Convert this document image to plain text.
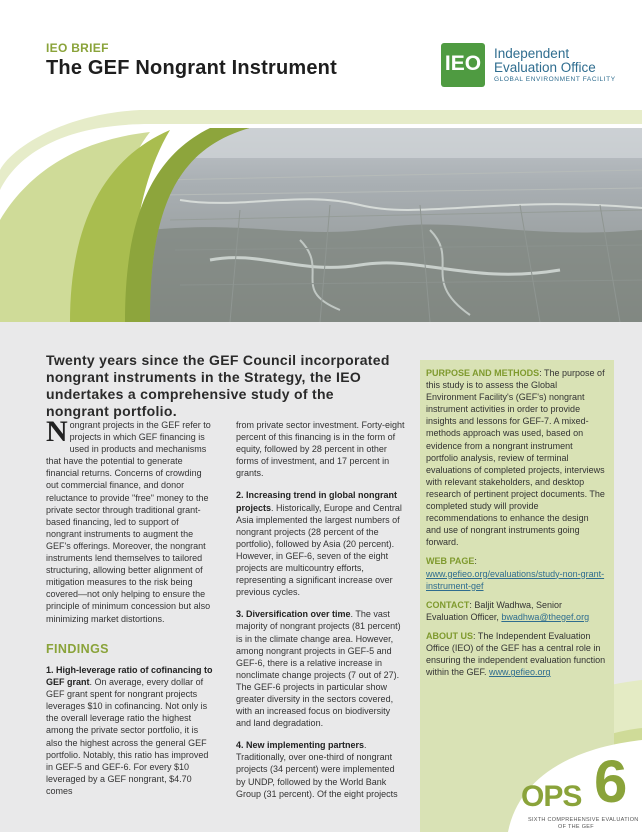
IEO BRIEF
The GEF Nongrant Instrument	IEO Independent
Evaluation Office
GLOBAL ENVIRONMENT FACILITY
Twenty years since the GEF Council incorporated nongrant instruments in the Strategy, the IEO undertakes a comprehensive study of the nongrant portfolio.

Nongrant projects in the GEF refer to projects in which GEF financing is used in products and mechanisms that have the potential to generate financial returns. Concerns of crowding out commercial finance, and donor reluctance to provide "free" money to the private sector through traditional grant-based financing, led to support of nongrant instruments to augment the GEF's offerings. Moreover, the nongrant instruments lend themselves to tailored structuring, allowing better alignment of mitigation measures to the risk being covered—not only helping to ensure the principle of minimum concession but also minimizing market distortions.

FINDINGS

1. High-leverage ratio of cofinancing to GEF grant. On average, every dollar of GEF grant spent for nongrant projects leverages $10 in cofinancing. Not only is the overall leverage ratio the highest among the private sector portfolio, it is also the highest across the general GEF portfolio. Notably, this ratio has improved in GEF-5 and GEF-6. For every $10 leveraged by a GEF nongrant, $4.70 comes

from private sector investment. Forty-eight percent of this financing is in the form of equity, followed by 28 percent in other forms of investment, and 17 percent in grants.

2. Increasing trend in global nongrant projects. Historically, Europe and Central Asia implemented the largest numbers of nongrant projects (28 percent of the portfolio), followed by Asia (20 percent). However, in GEF-6, seven of the eight projects are multicountry efforts, representing a significant increase over previous cycles.

3. Diversification over time. The vast majority of nongrant projects (81 percent) is in the climate change area. However, among nongrant projects in GEF-5 and GEF-6, there is a relative increase in nonclimate change projects (7 out of 27). The GEF-6 projects in particular show greater diversity in the sectors covered, with an increased focus on biodiversity and land degradation.

4. New implementing partners. Traditionally, over one-third of nongrant projects (34 percent) were implemented by UNDP, followed by the World Bank Group (31 percent). Of the eight projects

PURPOSE AND METHODS: The purpose of this study is to assess the Global Environment Facility's (GEF's) nongrant instrument activities in order to provide insights and lessons for GEF-7. A mixed-methods approach was used, based on evidence from a nongrant instrument portfolio analysis, review of terminal evaluations of completed projects, interviews with relevant stakeholders, and desktop research of pertinent project documents. The completed study will provide recommendations to enhance the design and use of nongrant instruments going forward.

WEB PAGE: www.gefieo.org/evaluations/study-non-grant-instrument-gef

CONTACT: Baljit Wadhwa, Senior Evaluation Officer, bwadhwa@thegef.org

ABOUT US: The Independent Evaluation Office (IEO) of the GEF has a central role in ensuring the independent evaluation function within the GEF. www.gefieo.org

OPS 6
SIXTH COMPREHENSIVE EVALUATION
OF THE GEF
